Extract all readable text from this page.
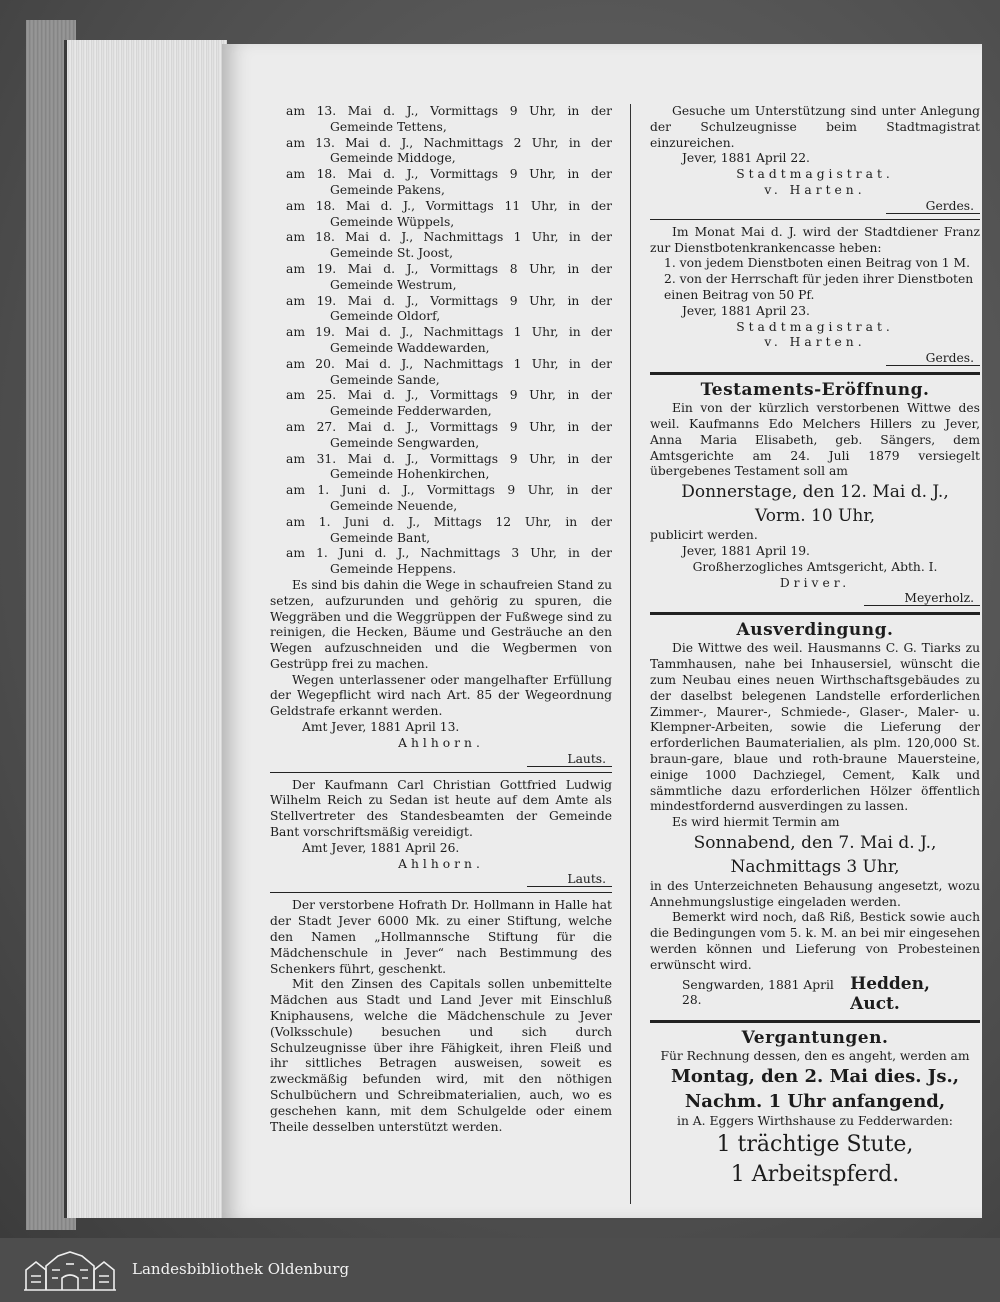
am 13. Mai d. J., Vormittags 9 Uhr, in der
Gemeinde Tettens,
am 13. Mai d. J., Nachmittags 2 Uhr, in der
Gemeinde Middoge,
am 18. Mai d. J., Vormittags 9 Uhr, in der
Gemeinde Pakens,
am 18. Mai d. J., Vormittags 11 Uhr, in der
Gemeinde Wüppels,
am 18. Mai d. J., Nachmittags 1 Uhr, in der
Gemeinde St. Joost,
am 19. Mai d. J., Vormittags 8 Uhr, in der
Gemeinde Westrum,
am 19. Mai d. J., Vormittags 9 Uhr, in der
Gemeinde Oldorf,
am 19. Mai d. J., Nachmittags 1 Uhr, in der
Gemeinde Waddewarden,
am 20. Mai d. J., Nachmittags 1 Uhr, in der
Gemeinde Sande,
am 25. Mai d. J., Vormittags 9 Uhr, in der
Gemeinde Fedderwarden,
am 27. Mai d. J., Vormittags 9 Uhr, in der
Gemeinde Sengwarden,
am 31. Mai d. J., Vormittags 9 Uhr, in der
Gemeinde Hohenkirchen,
am 1. Juni d. J., Vormittags 9 Uhr, in der
Gemeinde Neuende,
am 1. Juni d. J., Mittags 12 Uhr, in der
Gemeinde Bant,
am 1. Juni d. J., Nachmittags 3 Uhr, in der
Gemeinde Heppens.

Es sind bis dahin die Wege in schaufreien Stand zu setzen, aufzurunden und gehörig zu spuren, die Weggräben und die Weggrüppen der Fußwege sind zu reinigen, die Hecken, Bäume und Gesträuche an den Wegen aufzuschneiden und die Wegbermen von Gestrüpp frei zu machen.

Wegen unterlassener oder mangelhafter Erfüllung der Wegepflicht wird nach Art. 85 der Wegeordnung Geldstrafe erkannt werden.

Amt Jever, 1881 April 13.

Ahlhorn.

Lauts.

Der Kaufmann Carl Christian Gottfried Ludwig Wilhelm Reich zu Sedan ist heute auf dem Amte als Stellvertreter des Standesbeamten der Gemeinde Bant vorschriftsmäßig vereidigt.

Amt Jever, 1881 April 26.

Ahlhorn.

Lauts.

Der verstorbene Hofrath Dr. Hollmann in Halle hat der Stadt Jever 6000 Mk. zu einer Stiftung, welche den Namen „Hollmannsche Stiftung für die Mädchenschule in Jever“ nach Bestimmung des Schenkers führt, geschenkt.

Mit den Zinsen des Capitals sollen unbemittelte Mädchen aus Stadt und Land Jever mit Einschluß Kniphausens, welche die Mädchenschule zu Jever (Volksschule) besuchen und sich durch Schulzeugnisse über ihre Fähigkeit, ihren Fleiß und ihr sittliches Betragen ausweisen, soweit es zweckmäßig befunden wird, mit den nöthigen Schulbüchern und Schreibmaterialien, auch, wo es geschehen kann, mit dem Schulgelde oder einem Theile desselben unterstützt werden.

Gesuche um Unterstützung sind unter Anlegung der Schulzeugnisse beim Stadtmagistrat einzureichen.

Jever, 1881 April 22.

Stadtmagistrat.

v. Harten.

Gerdes.

Im Monat Mai d. J. wird der Stadtdiener Franz zur Dienstbotenkrankencasse heben:

1. von jedem Dienstboten einen Beitrag von 1 M.

2. von der Herrschaft für jeden ihrer Dienstboten einen Beitrag von 50 Pf.

Jever, 1881 April 23.

Stadtmagistrat.

v. Harten.

Gerdes.
Testaments-Eröffnung.

Ein von der kürzlich verstorbenen Wittwe des weil. Kaufmanns Edo Melchers Hillers zu Jever, Anna Maria Elisabeth, geb. Sängers, dem Amtsgerichte am 24. Juli 1879 versiegelt übergebenes Testament soll am

Donnerstage, den 12. Mai d. J.,
Vorm. 10 Uhr,

publicirt werden.

Jever, 1881 April 19.

Großherzogliches Amtsgericht, Abth. I.

Driver.

Meyerholz.
Ausverdingung.

Die Wittwe des weil. Hausmanns C. G. Tiarks zu Tammhausen, nahe bei Inhausersiel, wünscht die zum Neubau eines neuen Wirthschaftsgebäudes zu der daselbst belegenen Landstelle erforderlichen Zimmer-, Maurer-, Schmiede-, Glaser-, Maler- u. Klempner-Arbeiten, sowie die Lieferung der erforderlichen Baumaterialien, als plm. 120,000 St. braun-gare, blaue und roth-braune Mauersteine, einige 1000 Dachziegel, Cement, Kalk und sämmtliche dazu erforderlichen Hölzer öffentlich mindestfordernd ausverdingen zu lassen.

Es wird hiermit Termin am

Sonnabend, den 7. Mai d. J.,
Nachmittags 3 Uhr,

in des Unterzeichneten Behausung angesetzt, wozu Annehmungslustige eingeladen werden.

Bemerkt wird noch, daß Riß, Bestick sowie auch die Bedingungen vom 5. k. M. an bei mir eingesehen werden können und Lieferung von Probesteinen erwünscht wird.

Sengwarden, 1881 April 28.
Hedden, Auct.
Vergantungen.

Für Rechnung dessen, den es angeht, werden am

Montag, den 2. Mai dies. Js.,
Nachm. 1 Uhr anfangend,

in A. Eggers Wirthshause zu Fedderwarden:

1 trächtige Stute,
1 Arbeitspferd.
Landesbibliothek Oldenburg
